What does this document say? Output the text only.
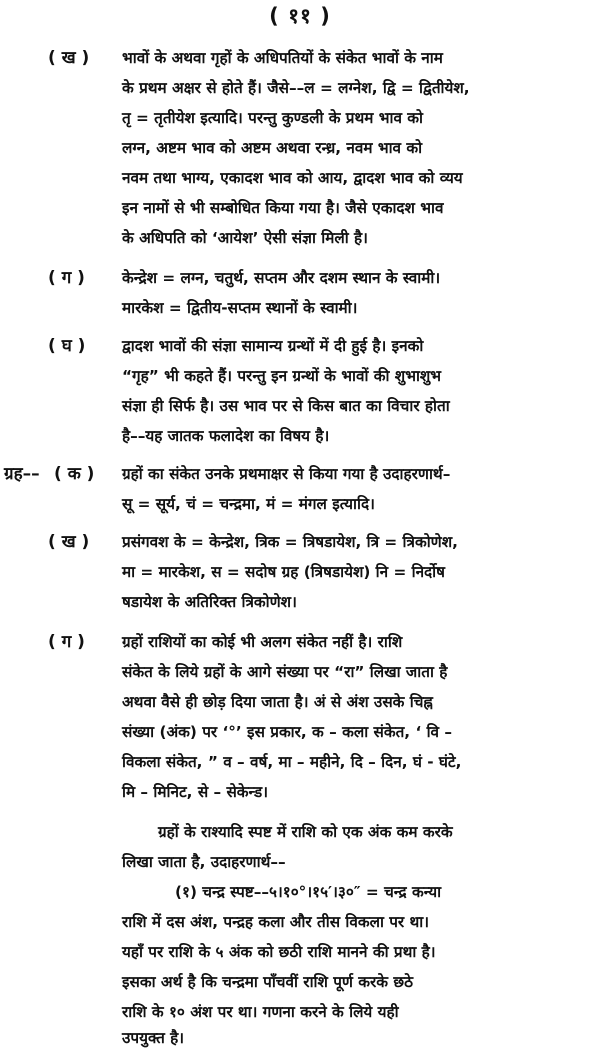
( ११ )
( ख ) भावों के अथवा गृहों के अधिपतियों के संकेत भावों के नाम
के प्रथम अक्षर से होते हैं। जैसे––ल = लग्नेश, द्वि = द्वितीयेश,
तृ = तृतीयेश इत्यादि। परन्तु कुण्डली के प्रथम भाव को
लग्न, अष्टम भाव को अष्टम अथवा रन्ध्र, नवम भाव को
नवम तथा भाग्य, एकादश भाव को आय, द्वादश भाव को व्यय
इन नामों से भी सम्बोधित किया गया है। जैसे एकादश भाव
के अधिपति को ‘आयेश’ ऐसी संज्ञा मिली है।
( ग ) केन्द्रेश = लग्न, चतुर्थ, सप्तम और दशम स्थान के स्वामी।
मारकेश = द्वितीय-सप्तम स्थानों के स्वामी।
( घ ) द्वादश भावों की संज्ञा सामान्य ग्रन्थों में दी हुई है। इनको
“गृह” भी कहते हैं। परन्तु इन ग्रन्थों के भावों की शुभाशुभ
संज्ञा ही सिर्फ है। उस भाव पर से किस बात का विचार होता
है––यह जातक फलादेश का विषय है।
ग्रह–– ( क ) ग्रहों का संकेत उनके प्रथमाक्षर से किया गया है उदाहरणार्थ–
सू = सूर्य, चं = चन्द्रमा, मं = मंगल इत्यादि।
( ख ) प्रसंगवश के = केन्द्रेश, त्रिक = त्रिषडायेश, त्रि = त्रिकोणेश,
मा = मारकेश, स = सदोष ग्रह (त्रिषडायेश) नि = निर्दोष
षडायेश के अतिरिक्त त्रिकोणेश।
( ग ) ग्रहों राशियों का कोई भी अलग संकेत नहीं है। राशि
संकेत के लिये ग्रहों के आगे संख्या पर “रा” लिखा जाता है
अथवा वैसे ही छोड़ दिया जाता है। अं से अंश उसके चिह्न
संख्या (अंक) पर ‘°’ इस प्रकार, क – कला संकेत, ‘ वि –
विकला संकेत, ” व – वर्ष, मा – महीने, दि – दिन, घं - घंटे,
मि – मिनिट, से – सेकेन्ड।
ग्रहों के राश्यादि स्पष्ट में राशि को एक अंक कम करके
लिखा जाता है, उदाहरणार्थ––
(१) चन्द्र स्पष्ट––५।१०°।१५′।३०″ = चन्द्र कन्या
राशि में दस अंश, पन्द्रह कला और तीस विकला पर था।
यहाँ पर राशि के ५ अंक को छठी राशि मानने की प्रथा है।
इसका अर्थ है कि चन्द्रमा पाँचवीं राशि पूर्ण करके छठे
राशि के १० अंश पर था। गणना करने के लिये यही
उपयुक्त है।
